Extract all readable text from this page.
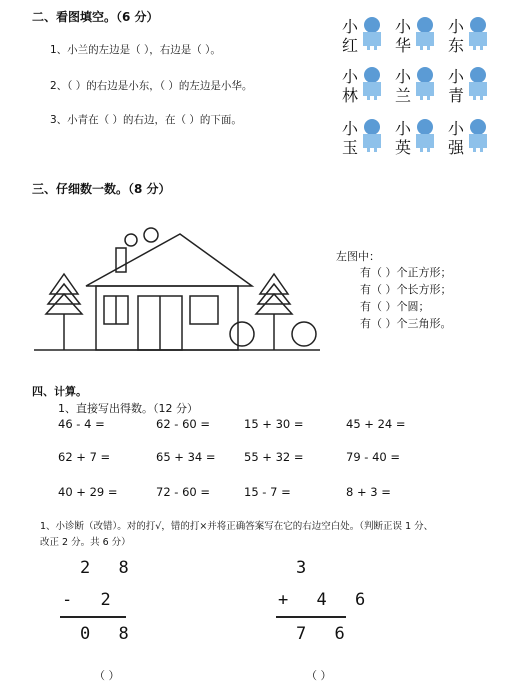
二、看图填空。（6 分）
1、小兰的左边是（ ），右边是（ ）。
2、（ ）的右边是小东，（ ）的左边是小华。
3、小青在（ ）的右边，在（ ）的下面。
小
红
小
华
小
东
小
林
小
兰
小
青
小
玉
小
英
小
强
三、仔细数一数。（8 分）
左图中：
有（ ）个正方形；
有（ ）个长方形；
有（ ）个圆；
有（ ）个三角形。
四、计算。
1、直接写出得数。（12 分）
46 - 4 =	62 - 60 =	15 + 30 =	45 + 24 =
62 + 7 =	65 + 34 = 55 + 32 =	79 - 40 =
40 + 29 =	72 - 60 =	15 - 7 =	8 + 3 =
1、小诊断（改错）。对的打√，错的打×并将正确答案写在它的右边空白处。（判断正误 1 分、
改正 2 分。共 6 分）
2 8
- 2
0 8
（ ）
3
+ 4 6
7 6
（ ）
